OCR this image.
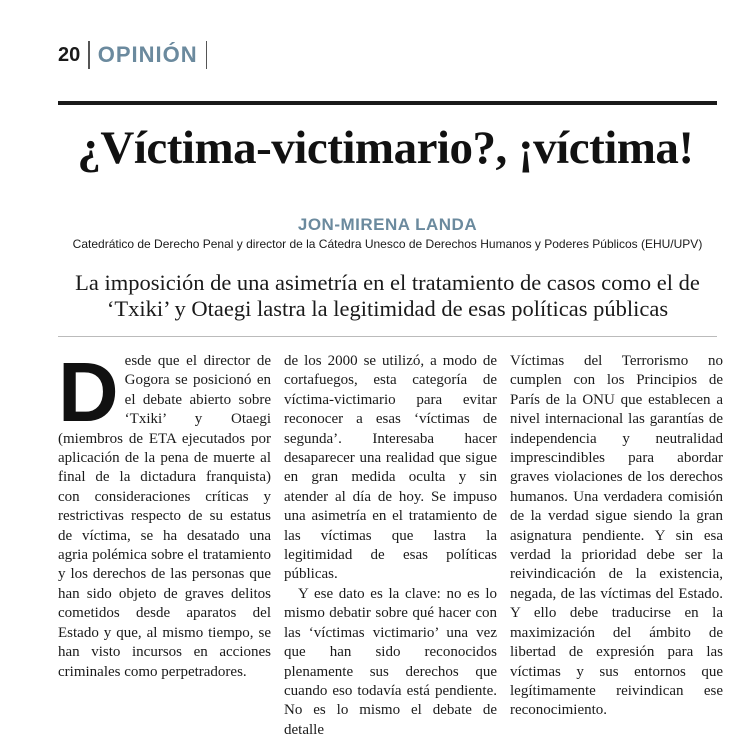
20 OPINIÓN
¿Víctima-victimario?, ¡víctima!
JON-MIRENA LANDA
Catedrático de Derecho Penal y director de la Cátedra Unesco de Derechos Humanos y Poderes Públicos (EHU/UPV)

La imposición de una asimetría en el tratamiento de casos como el de ‘Txiki’ y Otaegi lastra la legitimidad de esas políticas públicas

D esde que el director de Gogora se posicionó en el debate abierto sobre ‘Txiki’ y Otaegi (miembros de ETA ejecutados por aplicación de la pena de muerte al final de la dictadura franquista) con consideraciones críticas y restrictivas respecto de su estatus de víctima, se ha desatado una agria polémica sobre el tratamiento y los derechos de las personas que han sido objeto de graves delitos cometidos desde aparatos del Estado y que, al mismo tiempo, se han visto incursos en acciones criminales como perpetradores.

de los 2000 se utilizó, a modo de cortafuegos, esta categoría de víctima-victimario para evitar reconocer a esas ‘víctimas de segunda’. Interesaba hacer desaparecer una realidad que sigue en gran medida oculta y sin atender al día de hoy. Se impuso una asimetría en el tratamiento de las víctimas que lastra la legitimidad de esas políticas públicas.

Y ese dato es la clave: no es lo mismo debatir sobre qué hacer con las ‘víctimas victimario’ una vez que han sido reconocidos plenamente sus derechos que cuando eso todavía está pendiente. No es lo mismo el debate de detalle

Víctimas del Terrorismo no cumplen con los Principios de París de la ONU que establecen a nivel internacional las garantías de independencia y neutralidad imprescindibles para abordar graves violaciones de los derechos humanos. Una verdadera comisión de la verdad sigue siendo la gran asignatura pendiente. Y sin esa verdad la prioridad debe ser la reivindicación de la existencia, negada, de las víctimas del Estado. Y ello debe traducirse en la maximización del ámbito de libertad de expresión para las víctimas y sus entornos que legítimamente reivindican ese reconocimiento.
